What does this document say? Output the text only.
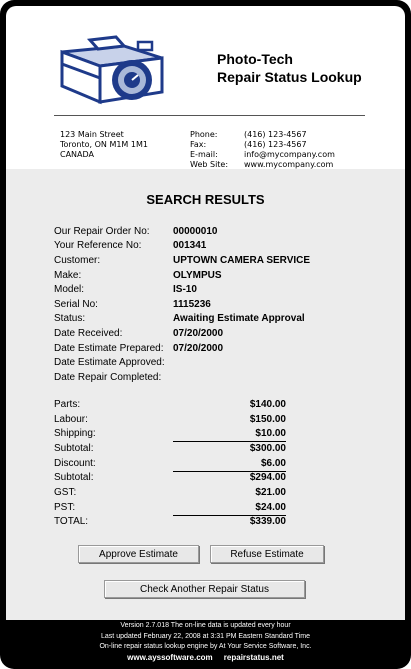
Photo-Tech
Repair Status Lookup
123 Main Street
Toronto, ON M1M 1M1
CANADA
Phone:	(416) 123-4567
Fax:	(416) 123-4567
E-mail:	info@mycompany.com
Web Site:	www.mycompany.com
SEARCH RESULTS
Our Repair Order No:	00000010
Your Reference No:	001341
Customer:	UPTOWN CAMERA SERVICE
Make:	OLYMPUS
Model:	IS-10
Serial No:	1115236
Status:	Awaiting Estimate Approval
Date Received:	07/20/2000
Date Estimate Prepared: 07/20/2000
Date Estimate Approved:
Date Repair Completed:
Parts:	$140.00
Labour:	$150.00
Shipping:	$10.00
Subtotal:	$300.00
Discount:	$6.00
Subtotal:	$294.00
GST:	$21.00
PST:	$24.00
TOTAL:	$339.00
Approve Estimate	Refuse Estimate
Check Another Repair Status
Version 2.7.018 The on-line data is updated every hour
Last updated February 22, 2008 at 3:31 PM Eastern Standard Time
On-line repair status lookup engine by At Your Service Software, Inc.
www.ayssoftware.com repairstatus.net
